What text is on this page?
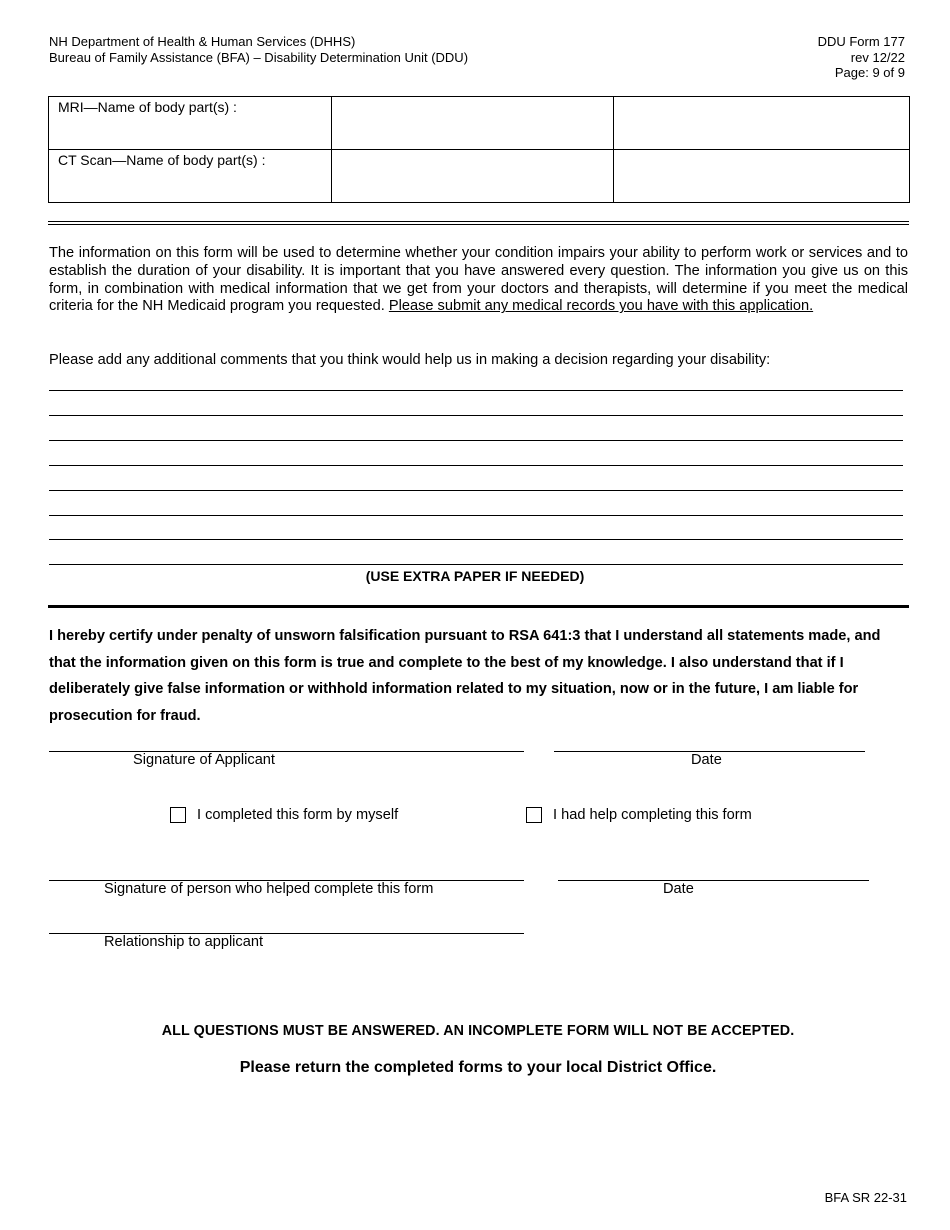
NH Department of Health & Human Services (DHHS)
Bureau of Family Assistance (BFA) – Disability Determination Unit (DDU)
DDU Form 177
rev 12/22
Page: 9 of 9
MRI—Name of body part(s) :		
CT Scan—Name of body part(s) :		
The information on this form will be used to determine whether your condition impairs your ability to perform work or services and to establish the duration of your disability. It is important that you have answered every question. The information you give us on this form, in combination with medical information that we get from your doctors and therapists, will determine if you meet the medical criteria for the NH Medicaid program you requested. Please submit any medical records you have with this application.
Please add any additional comments that you think would help us in making a decision regarding your disability:
(USE EXTRA PAPER IF NEEDED)
I hereby certify under penalty of unsworn falsification pursuant to RSA 641:3 that I understand all statements made, and that the information given on this form is true and complete to the best of my knowledge. I also understand that if I deliberately give false information or withhold information related to my situation, now or in the future, I am liable for prosecution for fraud.
Signature of Applicant	Date
I completed this form by myself	I had help completing this form
Signature of person who helped complete this form	Date
Relationship to applicant
ALL QUESTIONS MUST BE ANSWERED. AN INCOMPLETE FORM WILL NOT BE ACCEPTED.
Please return the completed forms to your local District Office.
BFA SR 22-31
